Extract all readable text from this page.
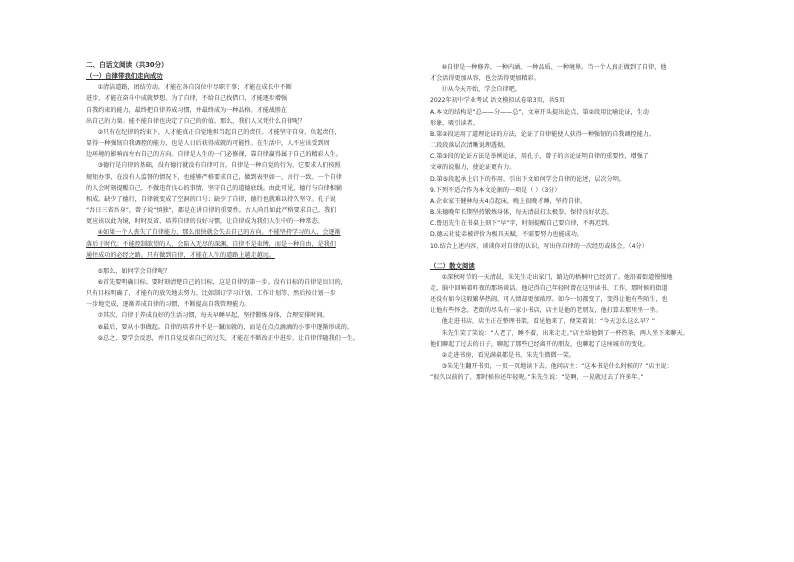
二、白话文阅读（共30分）

（一）自律带我们走向成功

①清洁道路，团结劳动。才能在各自岗位中尽职干事；才能在成长中不断

进步，才能在奋斗中成就梦想。为了自律，不给自己找借口，才能逐步增强

自我约束的能力，最终把自律养成习惯，并最终成为一种品格。才能战胜在

出自己的力量。能不能自律也决定了自己的价值。那么，我们人又凭什么自律呢？

②只有在纪律的约束下，人才能真正自觉地担当起自己的责任。才能坚守自身，负起责任，

显得一种强韧自我调控的能力，也是人日后获得成就的可能性。在生活中，人不应该受到周

边环境的影响而左右自己的方向。自律是人生的一门必修课，靠自律赢得属于自己的精彩人生。

③德行是自律的基础，没有德行就没有自律可言。自律是一种自觉的行为，它要求人们按照

规矩办事，在没有人监督的情况下，也能够严格要求自己，做到表里如一，言行一致。一个自律

的人会时刻提醒自己，不做违背良心的事情，坚守自己的道德底线。由此可见，德行与自律相辅

相成。缺少了德行，自律就变成了空洞的口号；缺少了自律，德行也就难以持久坚守。孔子说

“吾日三省吾身”，曾子说“慎独”，都是在讲自律的重要性。古人尚且如此严格要求自己，我们

更应该以此为镜，时时反省，培养自律的良好习惯，让自律成为我们人生中的一种常态。

④如果一个人丧失了自律能力，那么很快就会失去自己的方向。不能坚持学习的人，会逐渐

落后于时代；不能控制欲望的人，会陷入无尽的深渊。自律不是束缚，而是一种自由，是我们

通往成功的必经之路。只有做到自律，才能在人生的道路上越走越远。

⑤那么，如何学会自律呢？

⑥首先要明确目标。要时刻清楚自己的目标，这是自律的第一步。没有目标的自律是盲目的，

只有目标明确了，才能有的放矢地去努力。比如制订学习计划、工作计划等，然后按计划一步

一步地完成，逐渐养成自律的习惯，不断提高自我管理能力。

⑦其次，自律于养成良好的生活习惯，每天早睡早起，坚持锻炼身体，合理安排时间。

⑧最后，要从小事做起。自律的培养并不是一蹴而就的，而是在点点滴滴的小事中逐渐形成的。

⑨总之，要学会反思，并且自觉反省自己的过失，才能在不断改正中进步，让自律伴随我们一生。

⑩自律是一种修养、一种内涵、一种品质、一种境界。当一个人真正做到了自律，他

才会活得更加从容，也会活得更加精彩。

⑪从今天开始，学会自律吧。

2022年初中学业考试 语文模拟试卷第3页，共5页

A.本文的结构是“总——分——总”，文章开头提出论点，第②段用比喻论证，生动

形象，吸引读者。

B.第②段运用了道理论证的方法，论证了自律能使人获得一种强韧的自我调控能力。

二段段落层次清晰说理透彻。

C.第③段的论证方法是举例论证，用孔子、曾子的言论证明自律的重要性，增强了

文章的说服力，使论证更有力。

D.第⑤段起承上启下的作用，引出下文如何学会自律的论述，层次分明。

9.下列不适合作为本文论据的一项是（ ）（3分）

A.企业家王健林每天4点起床，晚上很晚才睡，坚持自律。

B.朱德晚年长期坚持锻炼身体，每天清晨打太极拳，保持良好状态。

C.鲁迅先生在书桌上刻下“早”字，时刻提醒自己要自律，不再迟到。

D.德云社徒弟被评价为极具天赋，不需要努力也能成功。

10.结合上述内容，谈谈你对自律的认识，写出你自律的一次经历或体会。（4分）

（二）散文阅读

①深秋时节的一天清晨，朱先生走出家门，路边的梧桐叶已经黄了。他沿着街道慢慢地

走，脑中回响着昨夜的那场谈话。他记得自己年轻时曾在这里读书、工作，那时候的街道

还没有如今这般繁华热闹，可人情却更加浓厚。如今一切都变了，变得让他有些陌生，也

让他有些怀念。老街的尽头有一家小书店，店主是他的老朋友，他打算去那里坐一坐。

他走进书店，店主正在整理书架，看见他来了，便笑着说：“今天怎么这么早？”

朱先生笑了笑说：“人老了，睡不着，出来走走。”店主给他倒了一杯热茶，两人坐下来聊天。

他们聊起了过去的日子，聊起了那些已经离开的朋友，也聊起了这座城市的变化。

②走进书房，看见满桌都是书，朱先生微微一笑。

③朱先生翻开书页，一页一页地读下去。他问店主：“这本书是什么时候的？”店主说：

“很久以前的了，那时候你还年轻呢。”朱先生说：“是啊，一晃就过去了许多年。”
